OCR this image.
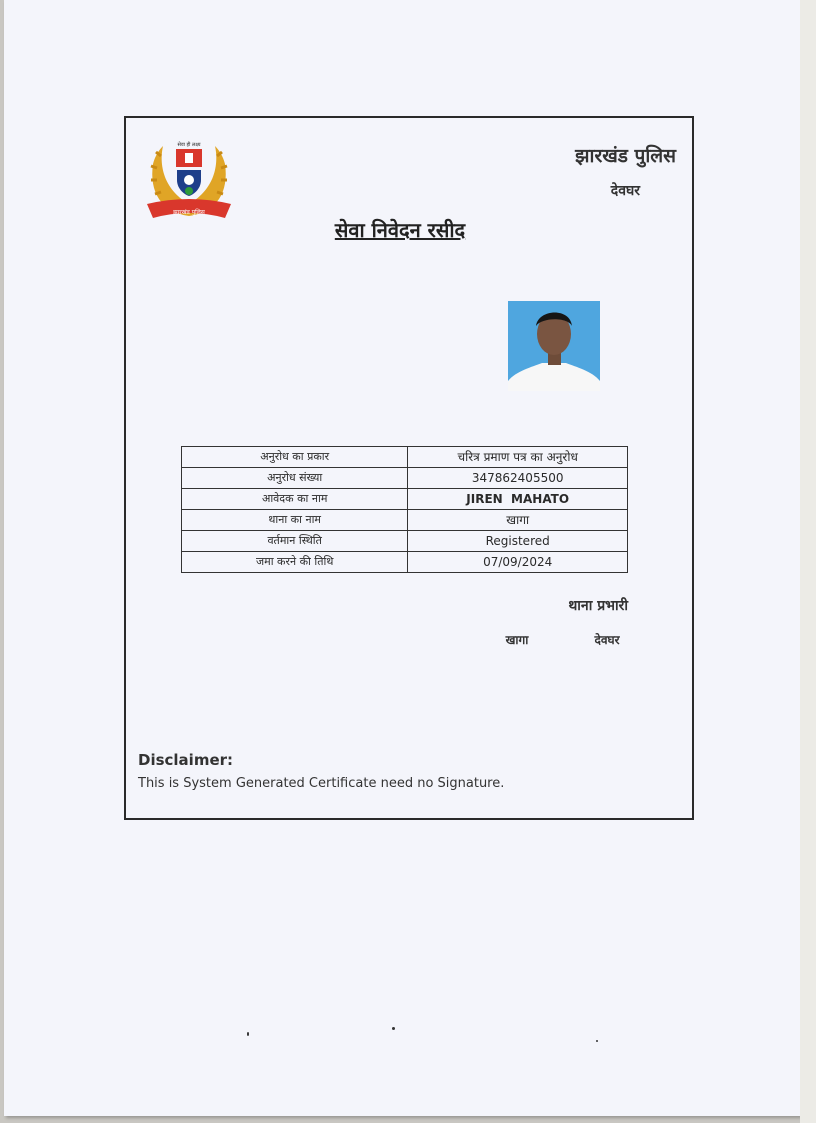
सेवा ही लक्ष्य
झारखंड पुलिस
झारखंड पुलिस
देवघर
सेवा निवेदन रसीद
अनुरोध का प्रकार	चरित्र प्रमाण पत्र का अनुरोध
अनुरोध संख्या	347862405500
आवेदक का नाम	JIREN  MAHATO
थाना का नाम	खागा
वर्तमान स्थिति	Registered
जमा करने की तिथि	07/09/2024
थाना प्रभारी
खागा	देवघर
Disclaimer:
This is System Generated Certificate need no Signature.
